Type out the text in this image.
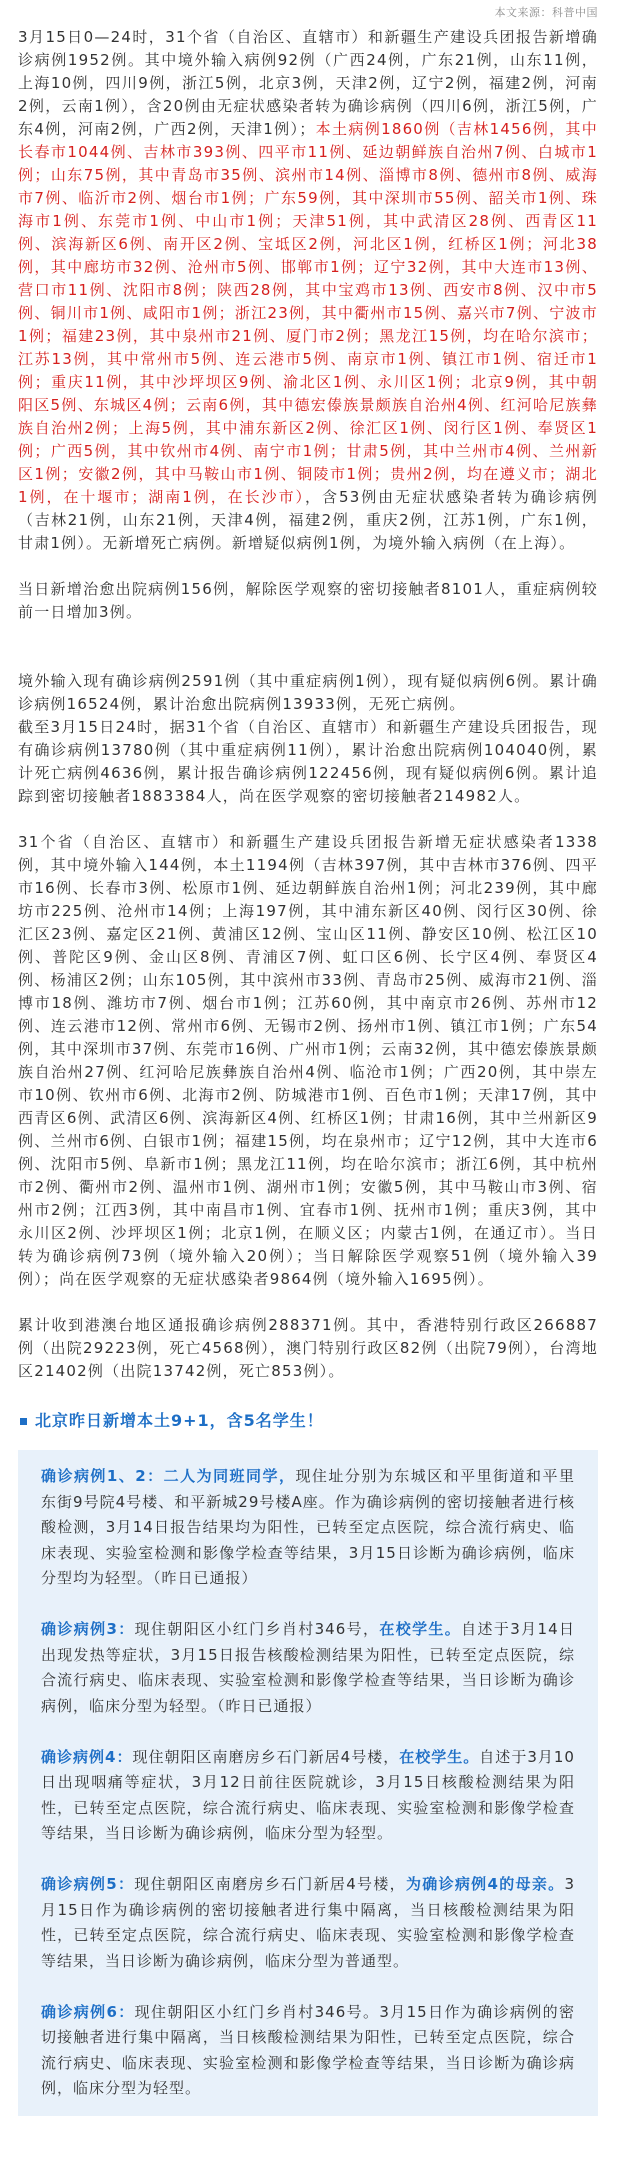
本文来源：科普中国

3月15日0—24时，31个省（自治区、直辖市）和新疆生产建设兵团报告新增确诊病例1952例。其中境外输入病例92例（广西24例，广东21例，山东11例，上海10例，四川9例，浙江5例，北京3例，天津2例，辽宁2例，福建2例，河南2例，云南1例），含20例由无症状感染者转为确诊病例（四川6例，浙江5例，广东4例，河南2例，广西2例，天津1例）；本土病例1860例（吉林1456例，其中长春市1044例、吉林市393例、四平市11例、延边朝鲜族自治州7例、白城市1例；山东75例，其中青岛市35例、滨州市14例、淄博市8例、德州市8例、威海市7例、临沂市2例、烟台市1例；广东59例，其中深圳市55例、韶关市1例、珠海市1例、东莞市1例、中山市1例；天津51例，其中武清区28例、西青区11例、滨海新区6例、南开区2例、宝坻区2例，河北区1例，红桥区1例；河北38例，其中廊坊市32例、沧州市5例、邯郸市1例；辽宁32例，其中大连市13例、营口市11例、沈阳市8例；陕西28例，其中宝鸡市13例、西安市8例、汉中市5例、铜川市1例、咸阳市1例；浙江23例，其中衢州市15例、嘉兴市7例、宁波市1例；福建23例，其中泉州市21例、厦门市2例；黑龙江15例，均在哈尔滨市；江苏13例，其中常州市5例、连云港市5例、南京市1例、镇江市1例、宿迁市1例；重庆11例，其中沙坪坝区9例、渝北区1例、永川区1例；北京9例，其中朝阳区5例、东城区4例；云南6例，其中德宏傣族景颇族自治州4例、红河哈尼族彝族自治州2例；上海5例，其中浦东新区2例、徐汇区1例、闵行区1例、奉贤区1例；广西5例，其中钦州市4例、南宁市1例；甘肃5例，其中兰州市4例、兰州新区1例；安徽2例，其中马鞍山市1例、铜陵市1例；贵州2例，均在遵义市；湖北1例，在十堰市；湖南1例，在长沙市），含53例由无症状感染者转为确诊病例（吉林21例，山东21例，天津4例，福建2例，重庆2例，江苏1例，广东1例，甘肃1例）。无新增死亡病例。新增疑似病例1例，为境外输入病例（在上海）。

当日新增治愈出院病例156例，解除医学观察的密切接触者8101人，重症病例较前一日增加3例。

境外输入现有确诊病例2591例（其中重症病例1例），现有疑似病例6例。累计确诊病例16524例，累计治愈出院病例13933例，无死亡病例。

截至3月15日24时，据31个省（自治区、直辖市）和新疆生产建设兵团报告，现有确诊病例13780例（其中重症病例11例），累计治愈出院病例104040例，累计死亡病例4636例，累计报告确诊病例122456例，现有疑似病例6例。累计追踪到密切接触者1883384人，尚在医学观察的密切接触者214982人。

31个省（自治区、直辖市）和新疆生产建设兵团报告新增无症状感染者1338例，其中境外输入144例，本土1194例（吉林397例，其中吉林市376例、四平市16例、长春市3例、松原市1例、延边朝鲜族自治州1例；河北239例，其中廊坊市225例、沧州市14例；上海197例，其中浦东新区40例、闵行区30例、徐汇区23例、嘉定区21例、黄浦区12例、宝山区11例、静安区10例、松江区10例、普陀区9例、金山区8例、青浦区7例、虹口区6例、长宁区4例、奉贤区4例、杨浦区2例；山东105例，其中滨州市33例、青岛市25例、威海市21例、淄博市18例、潍坊市7例、烟台市1例；江苏60例，其中南京市26例、苏州市12例、连云港市12例、常州市6例、无锡市2例、扬州市1例、镇江市1例；广东54例，其中深圳市37例、东莞市16例、广州市1例；云南32例，其中德宏傣族景颇族自治州27例、红河哈尼族彝族自治州4例、临沧市1例；广西20例，其中崇左市10例、钦州市6例、北海市2例、防城港市1例、百色市1例；天津17例，其中西青区6例、武清区6例、滨海新区4例、红桥区1例；甘肃16例，其中兰州新区9例、兰州市6例、白银市1例；福建15例，均在泉州市；辽宁12例，其中大连市6例、沈阳市5例、阜新市1例；黑龙江11例，均在哈尔滨市；浙江6例，其中杭州市2例、衢州市2例、温州市1例、湖州市1例；安徽5例，其中马鞍山市3例、宿州市2例；江西3例，其中南昌市1例、宜春市1例、抚州市1例；重庆3例，其中永川区2例、沙坪坝区1例；北京1例，在顺义区；内蒙古1例，在通辽市）。当日转为确诊病例73例（境外输入20例）；当日解除医学观察51例（境外输入39例）；尚在医学观察的无症状感染者9864例（境外输入1695例）。

累计收到港澳台地区通报确诊病例288371例。其中，香港特别行政区266887例（出院29223例，死亡4568例），澳门特别行政区82例（出院79例），台湾地区21402例（出院13742例，死亡853例）。

北京昨日新增本土9+1，含5名学生！

确诊病例1、2：二人为同班同学，现住址分别为东城区和平里街道和平里东街9号院4号楼、和平新城29号楼A座。作为确诊病例的密切接触者进行核酸检测，3月14日报告结果均为阳性，已转至定点医院，综合流行病史、临床表现、实验室检测和影像学检查等结果，3月15日诊断为确诊病例，临床分型均为轻型。（昨日已通报）

确诊病例3：现住朝阳区小红门乡肖村346号，在校学生。自述于3月14日出现发热等症状，3月15日报告核酸检测结果为阳性，已转至定点医院，综合流行病史、临床表现、实验室检测和影像学检查等结果，当日诊断为确诊病例，临床分型为轻型。（昨日已通报）

确诊病例4：现住朝阳区南磨房乡石门新居4号楼，在校学生。自述于3月10日出现咽痛等症状，3月12日前往医院就诊，3月15日核酸检测结果为阳性，已转至定点医院，综合流行病史、临床表现、实验室检测和影像学检查等结果，当日诊断为确诊病例，临床分型为轻型。

确诊病例5：现住朝阳区南磨房乡石门新居4号楼，为确诊病例4的母亲。3月15日作为确诊病例的密切接触者进行集中隔离，当日核酸检测结果为阳性，已转至定点医院，综合流行病史、临床表现、实验室检测和影像学检查等结果，当日诊断为确诊病例，临床分型为普通型。

确诊病例6：现住朝阳区小红门乡肖村346号。3月15日作为确诊病例的密切接触者进行集中隔离，当日核酸检测结果为阳性，已转至定点医院，综合流行病史、临床表现、实验室检测和影像学检查等结果，当日诊断为确诊病例，临床分型为轻型。
